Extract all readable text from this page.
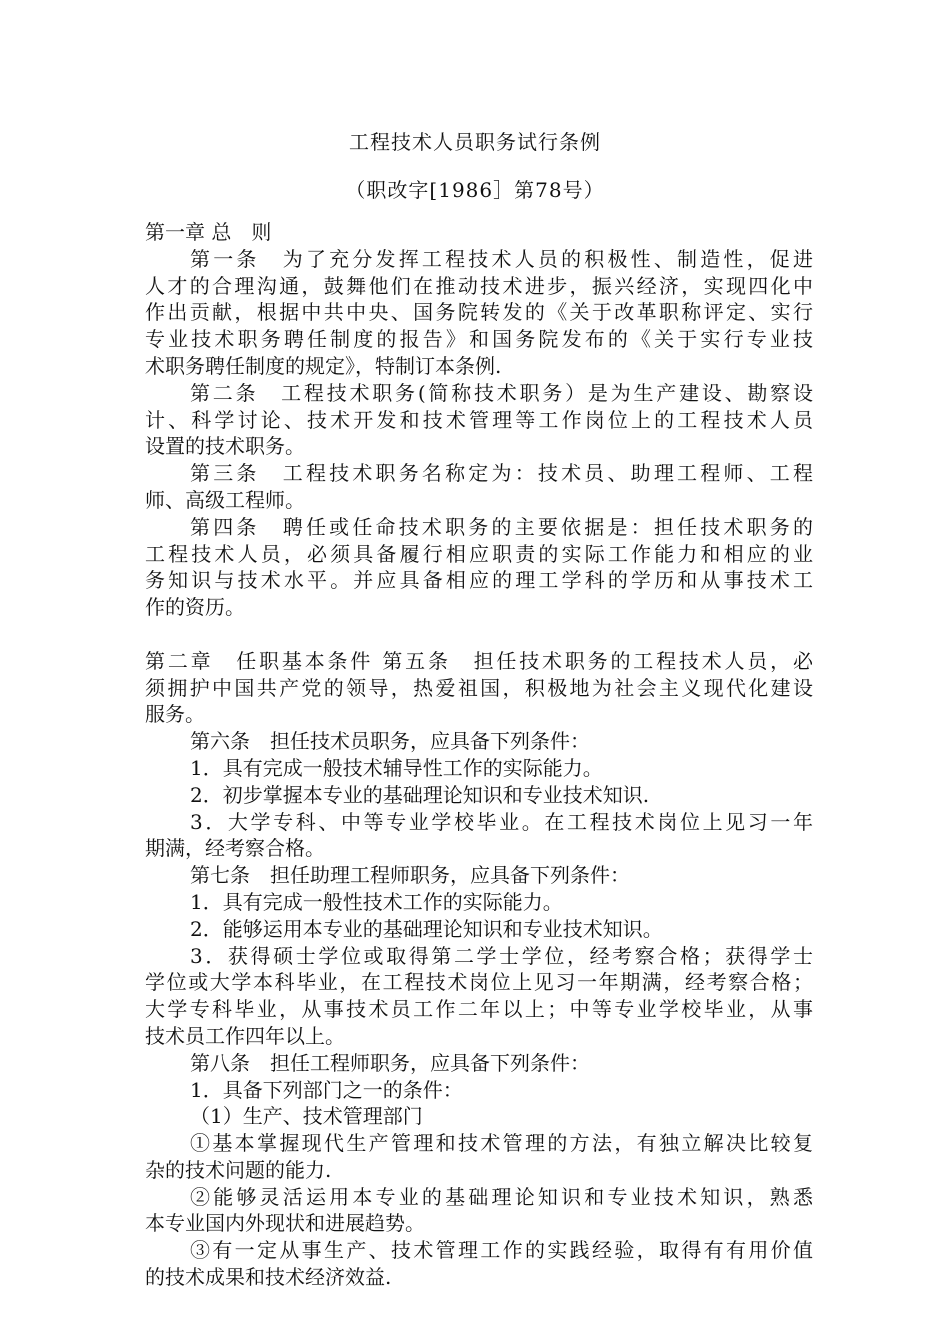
工程技术人员职务试行条例
（职改字[1986］第78号）
第一章 总　则
第一条　为了充分发挥工程技术人员的积极性、制造性，促进
人才的合理沟通，鼓舞他们在推动技术进步，振兴经济，实现四化中
作出贡献，根据中共中央、国务院转发的《关于改革职称评定、实行
专业技术职务聘任制度的报告》和国务院发布的《关于实行专业技
术职务聘任制度的规定》，特制订本条例.
第二条　工程技术职务(简称技术职务）是为生产建设、勘察设
计、科学讨论、技术开发和技术管理等工作岗位上的工程技术人员
设置的技术职务。
第三条　工程技术职务名称定为：技术员、助理工程师、工程
师、高级工程师。
第四条　聘任或任命技术职务的主要依据是：担任技术职务的
工程技术人员，必须具备履行相应职责的实际工作能力和相应的业
务知识与技术水平。并应具备相应的理工学科的学历和从事技术工
作的资历。
第二章　任职基本条件 第五条　担任技术职务的工程技术人员，必
须拥护中国共产党的领导，热爱祖国，积极地为社会主义现代化建设
服务。
第六条　担任技术员职务，应具备下列条件：
1．具有完成一般技术辅导性工作的实际能力。
2．初步掌握本专业的基础理论知识和专业技术知识.
3．大学专科、中等专业学校毕业。在工程技术岗位上见习一年
期满，经考察合格。
第七条　担任助理工程师职务，应具备下列条件：
1．具有完成一般性技术工作的实际能力。
2．能够运用本专业的基础理论知识和专业技术知识。
3．获得硕士学位或取得第二学士学位，经考察合格；获得学士
学位或大学本科毕业，在工程技术岗位上见习一年期满，经考察合格；
大学专科毕业，从事技术员工作二年以上；中等专业学校毕业，从事
技术员工作四年以上。
第八条　担任工程师职务，应具备下列条件：
1．具备下列部门之一的条件：
（1）生产、技术管理部门
①基本掌握现代生产管理和技术管理的方法，有独立解决比较复
杂的技术问题的能力.
②能够灵活运用本专业的基础理论知识和专业技术知识，熟悉
本专业国内外现状和进展趋势。
③有一定从事生产、技术管理工作的实践经验，取得有有用价值
的技术成果和技术经济效益.
